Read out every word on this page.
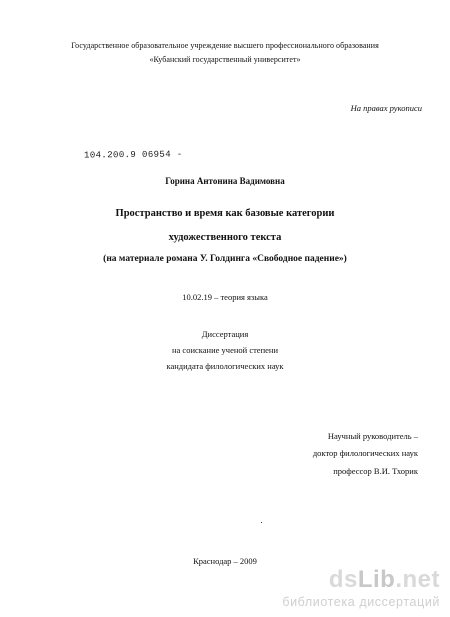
Государственное образовательное учреждение высшего профессионального образования
«Кубанский государственный университет»
На правах рукописи
104.200.9 06954 -
Горина Антонина Вадимовна
Пространство и время как базовые категории
художественного текста
(на материале романа У. Голдинга «Свободное падение»)
10.02.19 – теория языка
Диссертация
на соискание ученой степени
кандидата филологических наук
Научный руководитель –
доктор филологических наук
профессор В.И. Тхорик
Краснодар – 2009
dsLib.net
библиотека диссертаций
